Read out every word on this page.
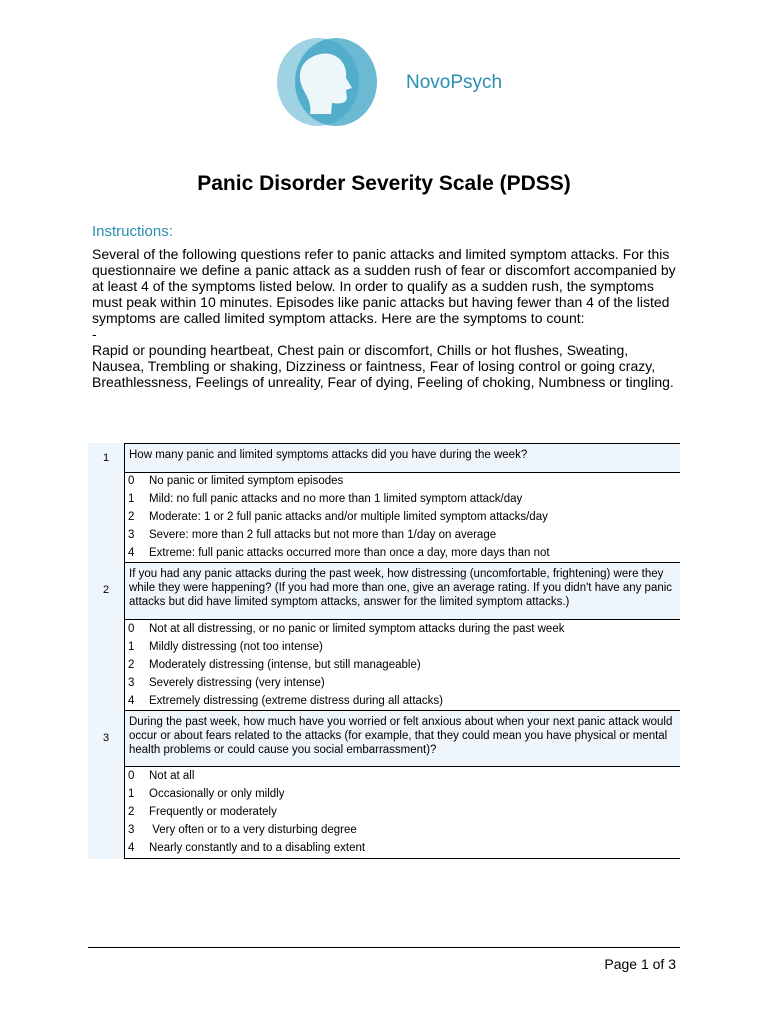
NovoPsych
Panic Disorder Severity Scale (PDSS)
Instructions:

Several of the following questions refer to panic attacks and limited symptom attacks. For this questionnaire we define a panic attack as a sudden rush of fear or discomfort accompanied by at least 4 of the symptoms listed below. In order to qualify as a sudden rush, the symptoms must peak within 10 minutes. Episodes like panic attacks but having fewer than 4 of the listed symptoms are called limited symptom attacks. Here are the symptoms to count:

-

Rapid or pounding heartbeat, Chest pain or discomfort, Chills or hot flushes, Sweating, Nausea, Trembling or shaking, Dizziness or faintness, Fear of losing control or going crazy, Breathlessness, Feelings of unreality, Fear of dying, Feeling of choking, Numbness or tingling.

1
2
3
How many panic and limited symptoms attacks did you have during the week?
If you had any panic attacks during the past week, how distressing (uncomfortable, frightening) were they while they were happening? (If you had more than one, give an average rating. If you didn't have any panic attacks but did have limited symptom attacks, answer for the limited symptom attacks.)
During the past week, how much have you worried or felt anxious about when your next panic attack would occur or about fears related to the attacks (for example, that they could mean you have physical or mental health problems or could cause you social embarrassment)?
0 No panic or limited symptom episodes
1 Mild: no full panic attacks and no more than 1 limited symptom attack/day
2 Moderate: 1 or 2 full panic attacks and/or multiple limited symptom attacks/day
3 Severe: more than 2 full attacks but not more than 1/day on average
4 Extreme: full panic attacks occurred more than once a day, more days than not
0 Not at all distressing, or no panic or limited symptom attacks during the past week
1 Mildly distressing (not too intense)
2 Moderately distressing (intense, but still manageable)
3 Severely distressing (very intense)
4 Extremely distressing (extreme distress during all attacks)
0 Not at all
1 Occasionally or only mildly
2 Frequently or moderately
3 Very often or to a very disturbing degree
4 Nearly constantly and to a disabling extent
Page 1 of 3
